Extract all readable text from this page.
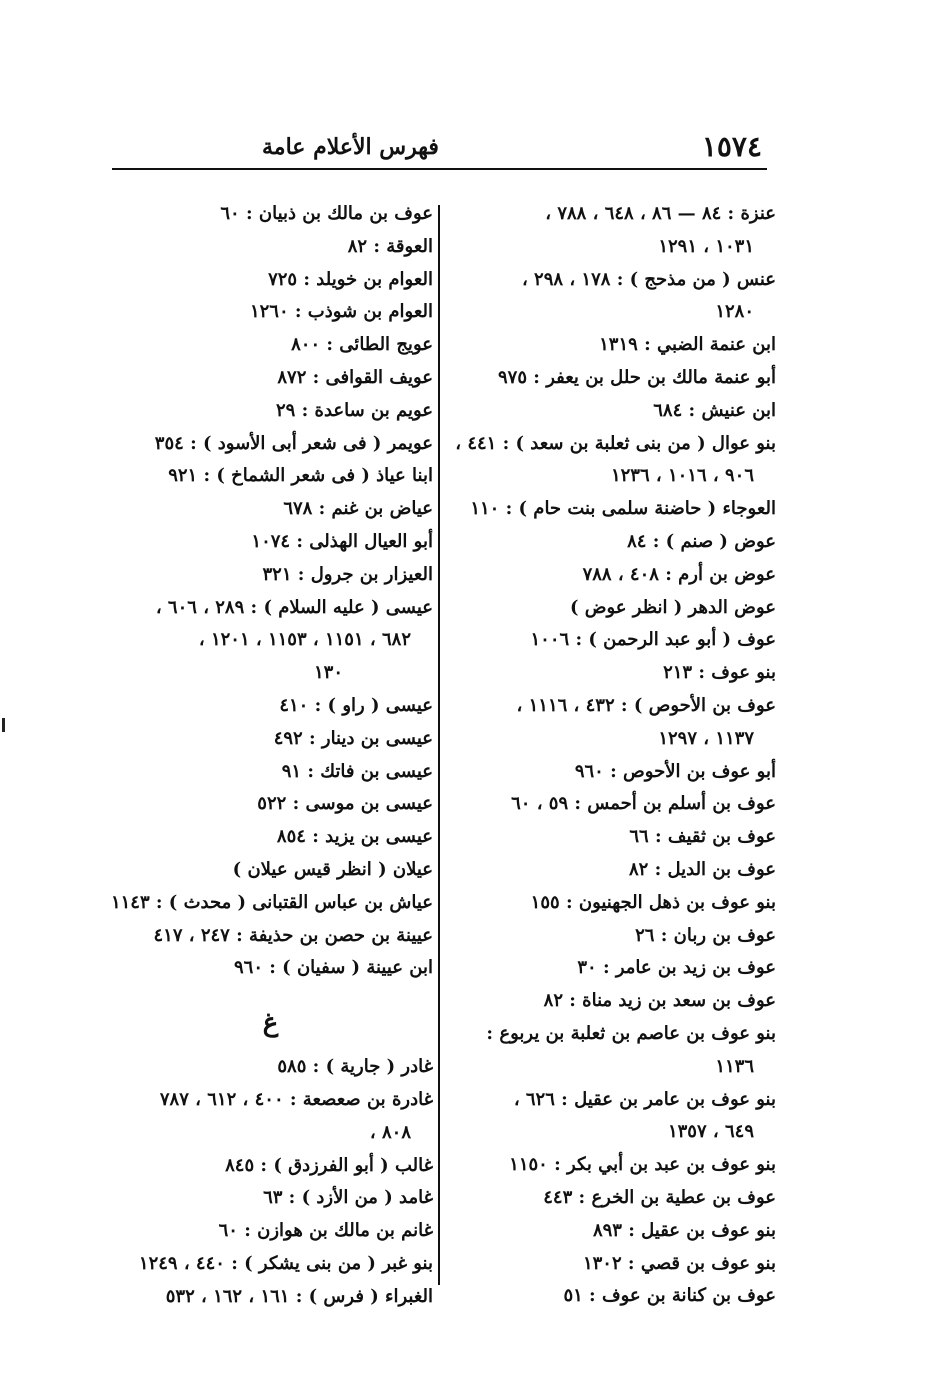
١٥٧٤
فهرس الأعلام عامة
عنزة : ٨٤ — ٨٦ ، ٦٤٨ ، ٧٨٨ ،
١٠٣١ ، ١٢٩١
عنس ( من مذحج ) : ١٧٨ ، ٢٩٨ ،
١٢٨٠
ابن عنمة الضبي : ١٣١٩
أبو عنمة مالك بن حلل بن يعفر : ٩٧٥
ابن عنيش : ٦٨٤
بنو عوال ( من بنى ثعلبة بن سعد ) : ٤٤١ ،
٩٠٦ ، ١٠١٦ ، ١٢٣٦
العوجاء ( حاضنة سلمى بنت حام ) : ١١٠
عوض ( صنم ) : ٨٤
عوض بن أرم : ٤٠٨ ، ٧٨٨
عوض الدهر ( انظر عوض )
عوف ( أبو عبد الرحمن ) : ١٠٠٦
بنو عوف : ٢١٣
عوف بن الأحوص ) : ٤٣٢ ، ١١١٦ ،
١١٣٧ ، ١٢٩٧
أبو عوف بن الأحوص : ٩٦٠
عوف بن أسلم بن أحمس : ٥٩ ، ٦٠
عوف بن ثقيف : ٦٦
عوف بن الديل : ٨٢
بنو عوف بن ذهل الجهنيون : ١٥٥
عوف بن ربان : ٢٦
عوف بن زيد بن عامر : ٣٠
عوف بن سعد بن زيد مناة : ٨٢
بنو عوف بن عاصم بن ثعلبة بن يربوع :
١١٣٦
بنو عوف بن عامر بن عقيل : ٦٢٦ ،
٦٤٩ ، ١٣٥٧
بنو عوف بن عبد بن أبي بكر : ١١٥٠
عوف بن عطية بن الخرع : ٤٤٣
بنو عوف بن عقيل : ٨٩٣
بنو عوف بن قصي : ١٣٠٢
عوف بن كنانة بن عوف : ٥١
عوف بن مالك بن ذبيان : ٦٠
العوقة : ٨٢
العوام بن خويلد : ٧٢٥
العوام بن شوذب : ١٢٦٠
عويج الطائى : ٨٠٠
عويف القوافى : ٨٧٢
عويم بن ساعدة : ٢٩
عويمر ( فى شعر أبى الأسود ) : ٣٥٤
ابنا عياذ ( فى شعر الشماخ ) : ٩٢١
عياض بن غنم : ٦٧٨
أبو العيال الهذلى : ١٠٧٤
العيزار بن جرول : ٣٢١
عيسى ( عليه السلام ) : ٢٨٩ ، ٦٠٦ ،
٦٨٢ ، ١١٥١ ، ١١٥٣ ، ١٢٠١ ،
١٣٠
عيسى ( راو ) : ٤١٠
عيسى بن دينار : ٤٩٢
عيسى بن فاتك : ٩١
عيسى بن موسى : ٥٢٢
عيسى بن يزيد : ٨٥٤
عيلان ( انظر قيس عيلان )
عياش بن عباس القتبانى ( محدث ) : ١١٤٣
عيينة بن حصن بن حذيفة : ٢٤٧ ، ٤١٧
ابن عيينة ( سفيان ) : ٩٦٠
غ
غادر ( جارية ) : ٥٨٥
غادرة بن صعصعة : ٤٠٠ ، ٦١٢ ، ٧٨٧
٨٠٨ ،
غالب ( أبو الفرزدق ) : ٨٤٥
غامد ( من الأزد ) : ٦٣
غانم بن مالك بن هوازن : ٦٠
بنو غبر ( من بنى يشكر ) : ٤٤٠ ، ١٢٤٩
الغبراء ( فرس ) : ١٦١ ، ١٦٢ ، ٥٣٢
